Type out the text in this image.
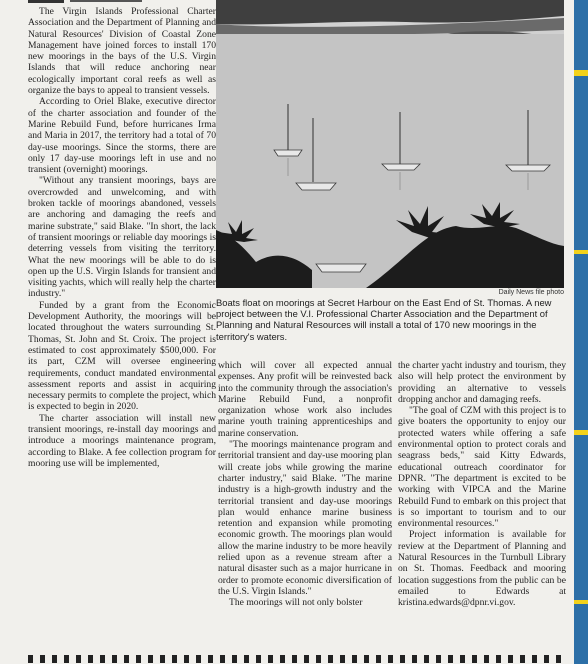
The Virgin Islands Professional Charter Association and the Department of Planning and Natural Resources' Division of Coastal Zone Management have joined forces to install 170 new moorings in the bays of the U.S. Virgin Islands that will reduce anchoring near ecologically important coral reefs as well as organize the bays to appeal to transient vessels.

According to Oriel Blake, executive director of the charter association and founder of the Marine Rebuild Fund, before hurricanes Irma and Maria in 2017, the territory had a total of 70 day-use moorings. Since the storms, there are only 17 day-use moorings left in use and no transient (overnight) moorings.

"Without any transient moorings, bays are overcrowded and unwelcoming, and with broken tackle of moorings abandoned, vessels are anchoring and damaging the reefs and marine substrate," said Blake. "In short, the lack of transient moorings or reliable day moorings is deterring vessels from visiting the territory. What the new moorings will be able to do is open up the U.S. Virgin Islands for transient and visiting yachts, which will really help the charter industry."

Funded by a grant from the Economic Development Authority, the moorings will be located throughout the waters surrounding St. Thomas, St. John and St. Croix. The project is estimated to cost approximately $500,000. For its part, CZM will oversee engineering requirements, conduct mandated environmental assessment reports and assist in acquiring necessary permits to complete the project, which is expected to begin in 2020.

The charter association will install new transient moorings, re-install day moorings and introduce a moorings maintenance program, according to Blake. A fee collection program for mooring use will be implemented,

Daily News file photo
Boats float on moorings at Secret Harbour on the East End of St. Thomas. A new project between the V.I. Professional Charter Association and the Department of Planning and Natural Resources will install a total of 170 new moorings in the territory's waters.

which will cover all expected annual expenses. Any profit will be reinvested back into the community through the association's Marine Rebuild Fund, a nonprofit organization whose work also includes marine youth training apprenticeships and marine conservation.

"The moorings maintenance program and territorial transient and day-use mooring plan will create jobs while growing the marine charter industry," said Blake. "The marine industry is a high-growth industry and the territorial transient and day-use moorings plan would enhance marine business retention and expansion while promoting economic growth. The moorings plan would allow the marine industry to be more heavily relied upon as a revenue stream after a natural disaster such as a major hurricane in order to promote economic diversification of the U.S. Virgin Islands."

The moorings will not only bolster

the charter yacht industry and tourism, they also will help protect the environment by providing an alternative to vessels dropping anchor and damaging reefs.

"The goal of CZM with this project is to give boaters the opportunity to enjoy our protected waters while offering a safe environmental option to protect corals and seagrass beds," said Kitty Edwards, educational outreach coordinator for DPNR. "The department is excited to be working with VIPCA and the Marine Rebuild Fund to embark on this project that is so important to tourism and to our environmental resources."

Project information is available for review at the Department of Planning and Natural Resources in the Turnbull Library on St. Thomas. Feedback and mooring location suggestions from the public can be emailed to Edwards at kristina.edwards@dpnr.vi.gov.
